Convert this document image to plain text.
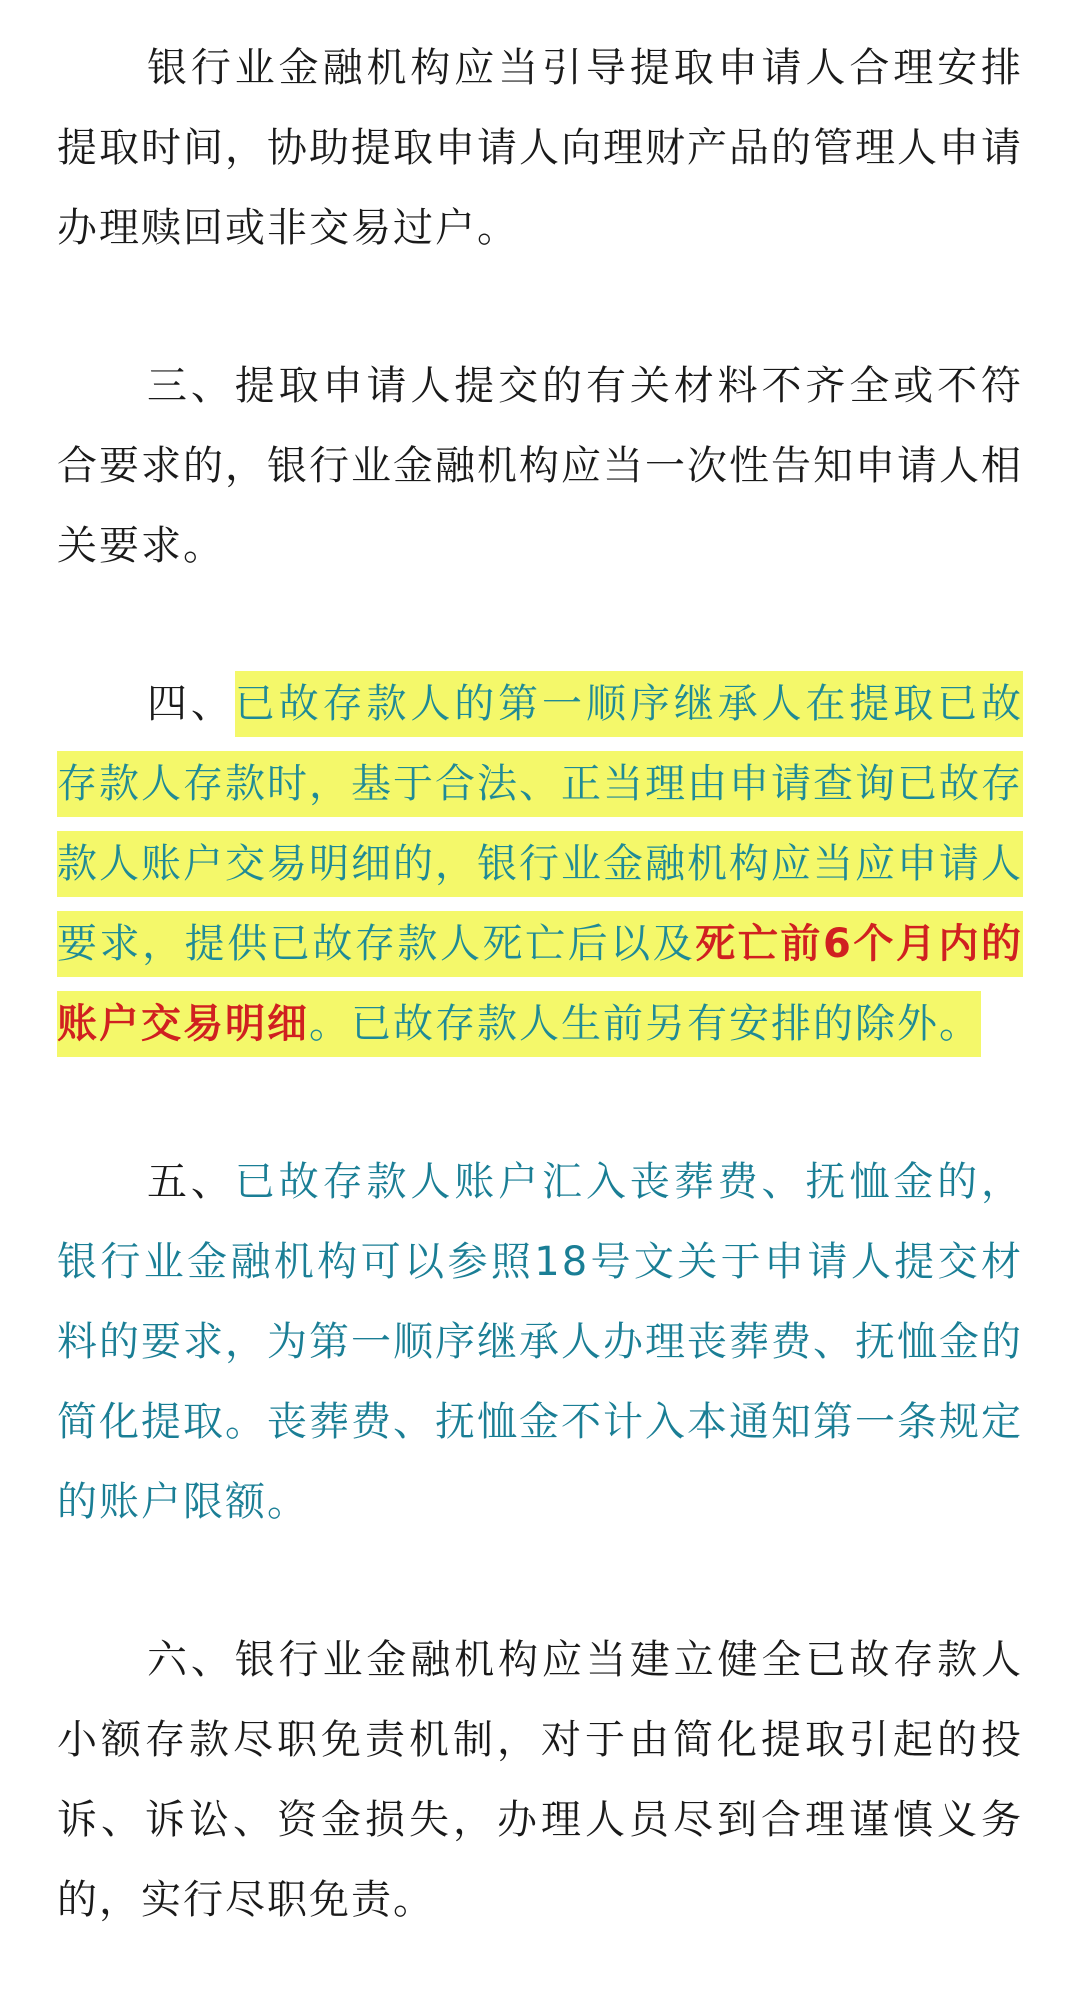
银行业金融机构应当引导提取申请人合理安排提取时间，协助提取申请人向理财产品的管理人申请办理赎回或非交易过户。

三、提取申请人提交的有关材料不齐全或不符合要求的，银行业金融机构应当一次性告知申请人相关要求。

四、已故存款人的第一顺序继承人在提取已故存款人存款时，基于合法、正当理由申请查询已故存款人账户交易明细的，银行业金融机构应当应申请人要求，提供已故存款人死亡后以及死亡前6个月内的账户交易明细。已故存款人生前另有安排的除外。

五、已故存款人账户汇入丧葬费、抚恤金的，银行业金融机构可以参照18号文关于申请人提交材料的要求，为第一顺序继承人办理丧葬费、抚恤金的简化提取。丧葬费、抚恤金不计入本通知第一条规定的账户限额。

六、银行业金融机构应当建立健全已故存款人小额存款尽职免责机制，对于由简化提取引起的投诉、诉讼、资金损失，办理人员尽到合理谨慎义务的，实行尽职免责。
